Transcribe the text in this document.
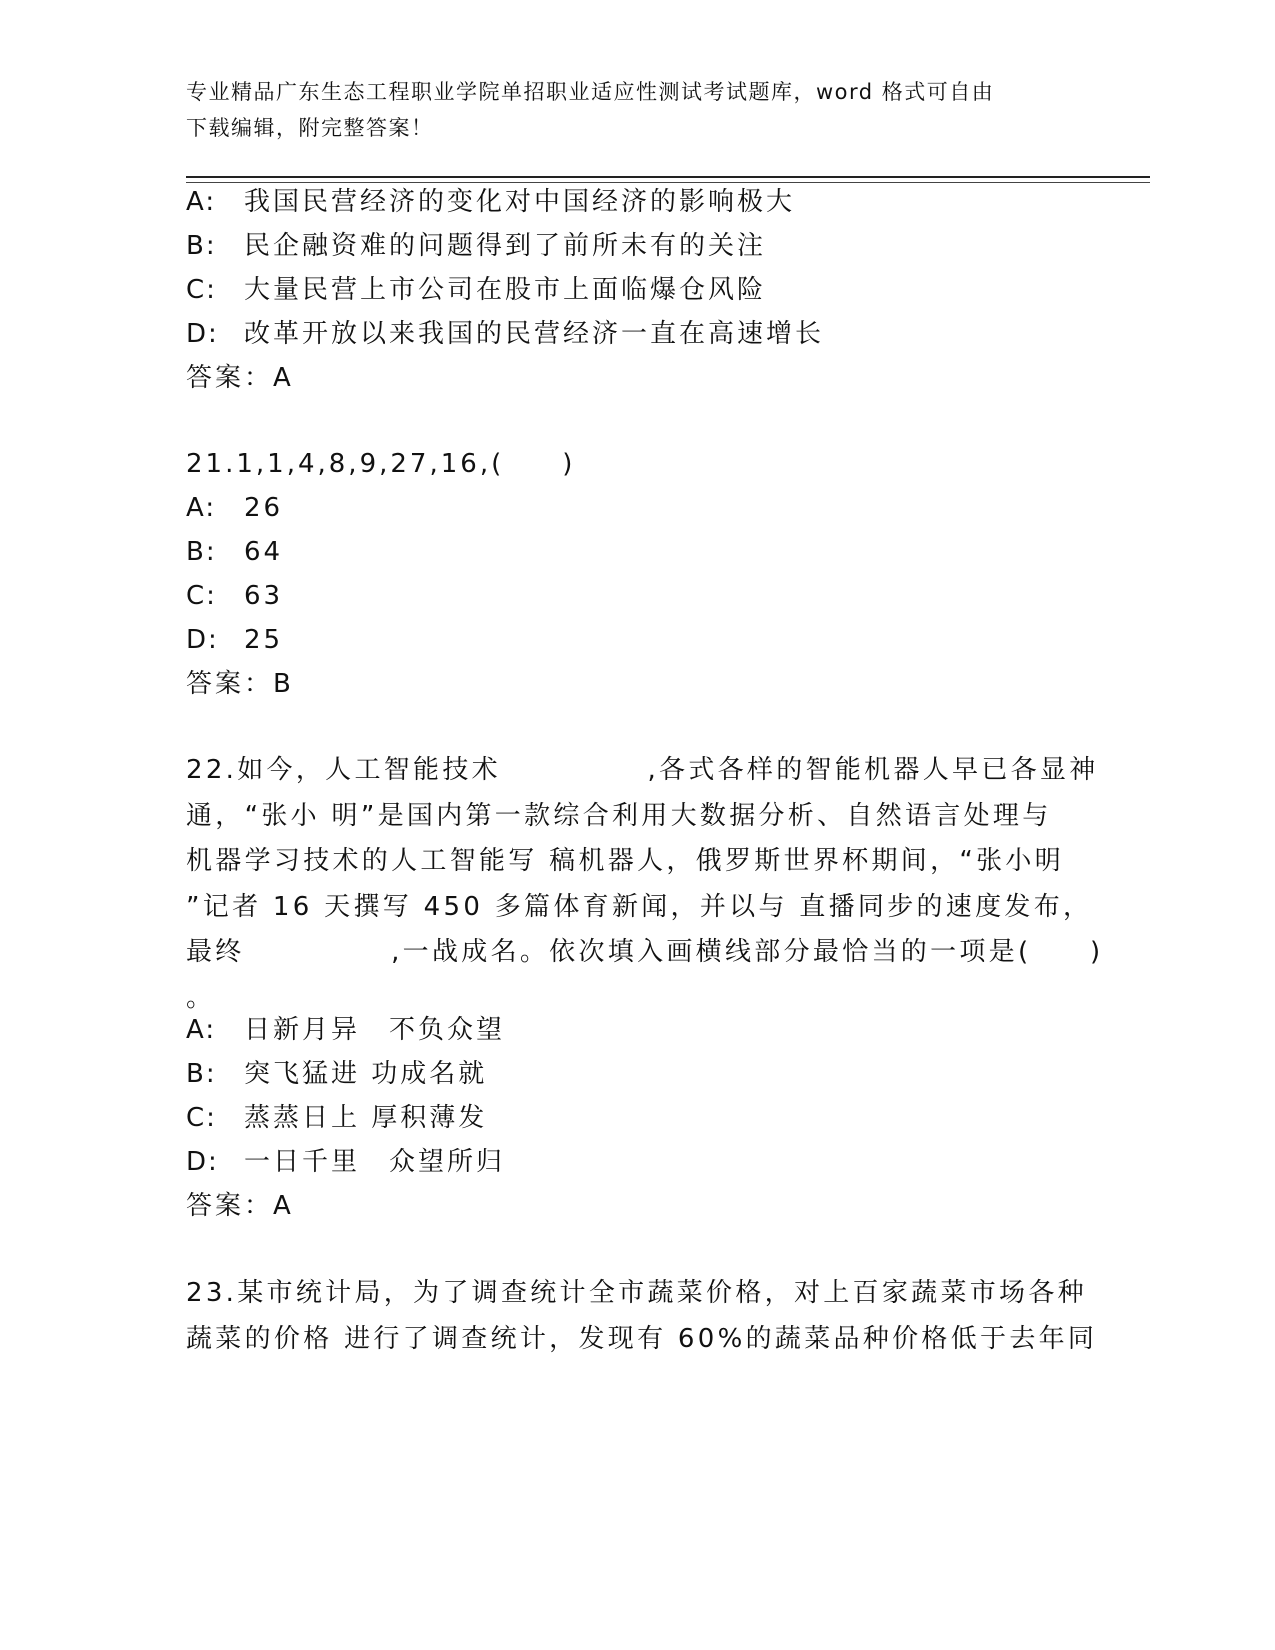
专业精品广东生态工程职业学院单招职业适应性测试考试题库，word 格式可自由
下载编辑，附完整答案！
A: 我国民营经济的变化对中国经济的影响极大
B: 民企融资难的问题得到了前所未有的关注
C: 大量民营上市公司在股市上面临爆仓风险
D: 改革开放以来我国的民营经济一直在高速增长
答案：A
21.1,1,4,8,9,27,16,(　　)
A: 26
B: 64
C: 63
D: 25
答案：B
22.如今，人工智能技术　　　　　,各式各样的智能机器人早已各显神
通，“张小 明”是国内第一款综合利用大数据分析、自然语言处理与
机器学习技术的人工智能写 稿机器人，俄罗斯世界杯期间，“张小明
”记者 16 天撰写 450 多篇体育新闻，并以与 直播同步的速度发布，
最终　　　　　,一战成名。依次填入画横线部分最恰当的一项是(　　)
。
A: 日新月异　不负众望
B: 突飞猛进 功成名就
C: 蒸蒸日上 厚积薄发
D: 一日千里　众望所归
答案：A
23.某市统计局，为了调查统计全市蔬菜价格，对上百家蔬菜市场各种
蔬菜的价格 进行了调查统计，发现有 60%的蔬菜品种价格低于去年同
